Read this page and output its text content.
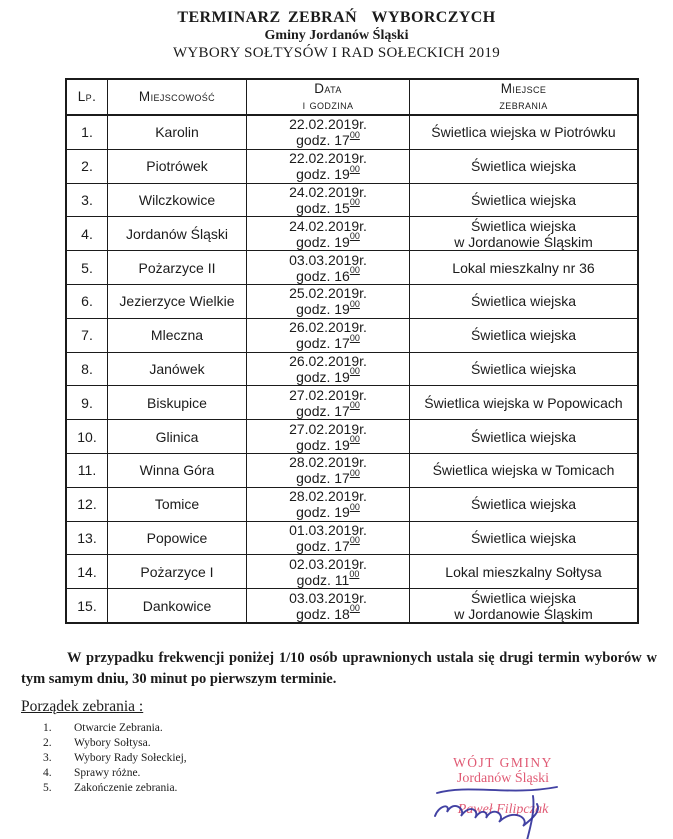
TERMINARZ ZEBRAŃ  WYBORCZYCH
Gminy Jordanów Śląski
WYBORY SOŁTYSÓW I RAD SOŁECKICH 2019
Lp.	Miejscowość	
Data
i godzina

Miejsce
zebrania

1.	Karolin	22.02.2019r.
godz. $17^{00}$	Świetlica wiejska w Piotrówku

2.	Piotrówek	22.02.2019r.
godz. $19^{00}$	Świetlica wiejska

3.	Wilczkowice	24.02.2019r.
godz. $15^{00}$	Świetlica wiejska

4.	Jordanów Śląski	24.02.2019r.
godz. $19^{00}$

Świetlica wiejska
w Jordanowie Śląskim

5.	Pożarzyce II	03.03.2019r.
godz. $16^{00}$	Lokal mieszkalny nr 36

6.	Jezierzyce Wielkie	25.02.2019r.
godz. $19^{00}$	Świetlica wiejska

7.	Mleczna	26.02.2019r.
godz. $17^{00}$	Świetlica wiejska

8.	Janówek	26.02.2019r.
godz. $19^{00}$	Świetlica wiejska

9.	Biskupice	27.02.2019r.
godz. $17^{00}$	Świetlica wiejska w Popowicach

10.	Glinica	27.02.2019r.
godz. $19^{00}$	Świetlica wiejska

11.	Winna Góra	28.02.2019r.
godz. $17^{00}$	Świetlica wiejska w Tomicach

12.	Tomice	28.02.2019r.
godz. $19^{00}$	Świetlica wiejska

13.	Popowice	01.03.2019r.
godz. $17^{00}$	Świetlica wiejska

14.	Pożarzyce I	02.03.2019r.
godz. $11^{00}$	Lokal mieszkalny Sołtysa

15.	Dankowice	03.03.2019r.
godz. $18^{00}$

Świetlica wiejska
w Jordanowie Śląskim

W przypadku frekwencji poniżej 1/10 osób uprawnionych ustala się drugi termin wyborów w tym samym dniu, 30 minut po pierwszym terminie.

Porządek zebrania :
1.	Otwarcie Zebrania.
2.	Wybory Sołtysa.
3.	Wybory Rady Sołeckiej,
4.	Sprawy różne.
5.	Zakończenie zebrania.
WÓJT GMINY
Jordanów Śląski
Paweł Filipczak
